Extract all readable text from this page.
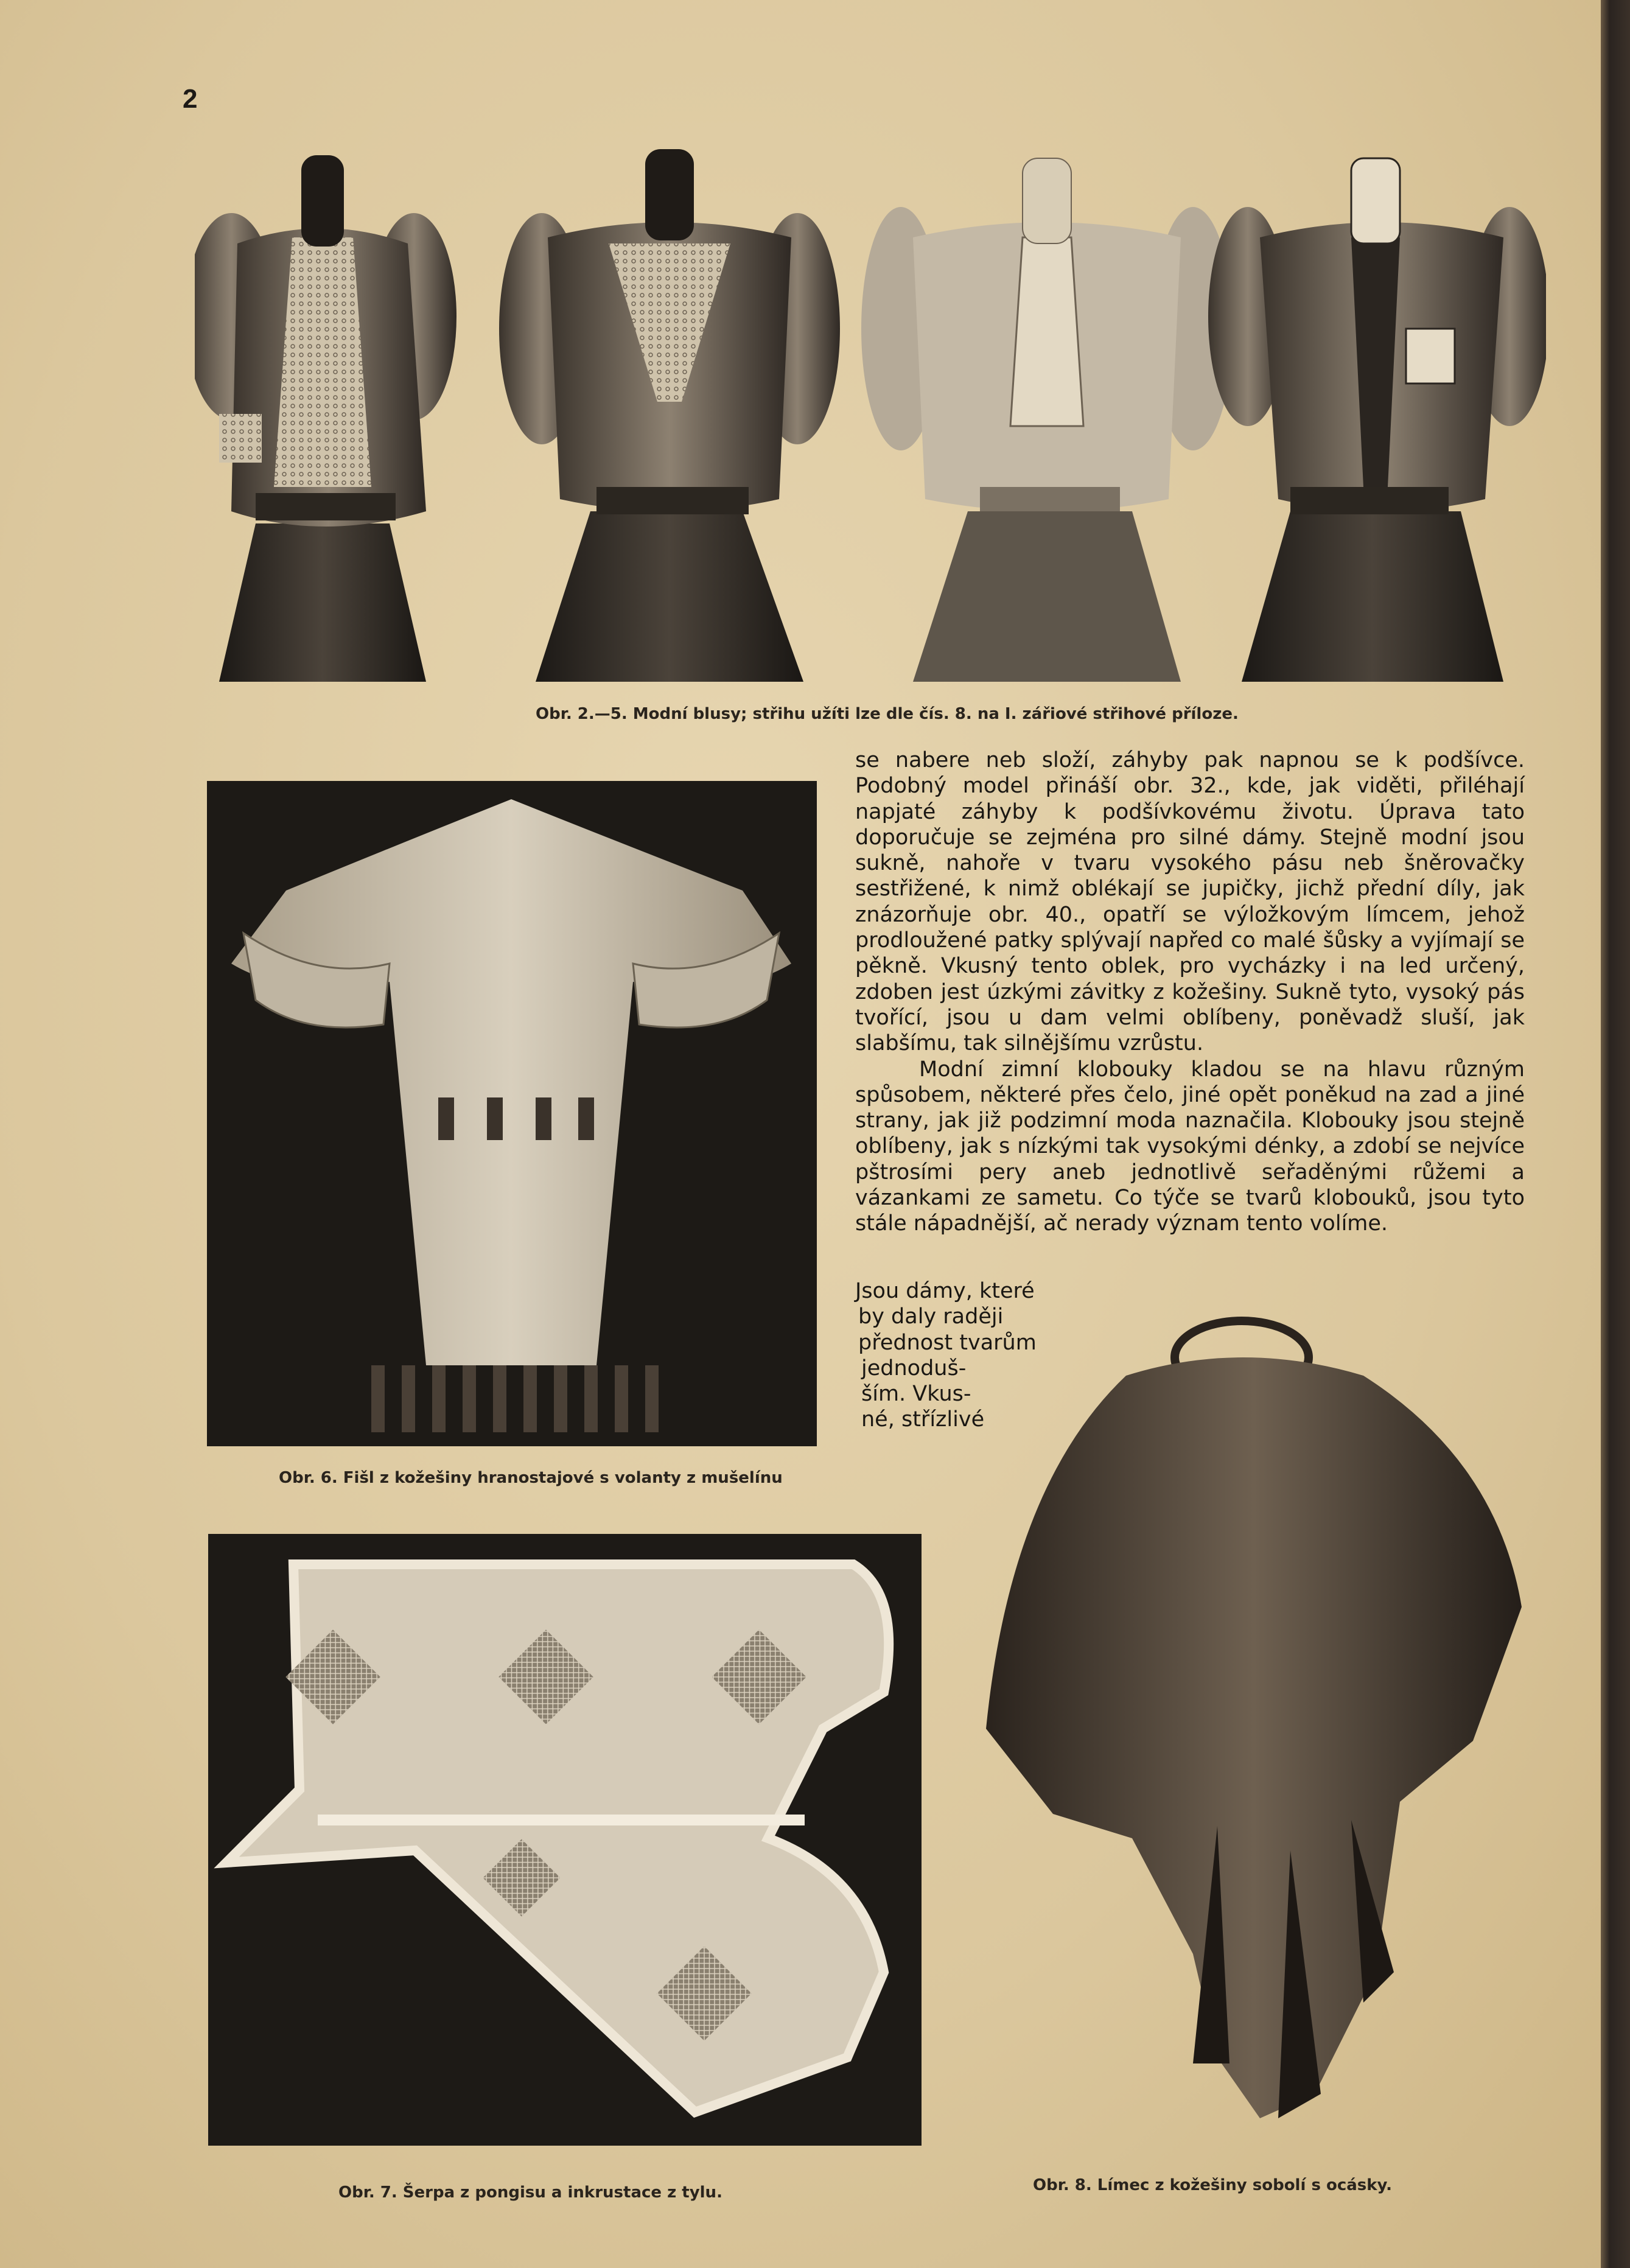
2
Obr. 2.—5. Modní blusy; střihu užíti lze dle čís. 8. na I. zářiové střihové příloze.
Obr. 6. Fišl z kožešiny hranostajové s volanty z mušelínu
Obr. 7. Šerpa z pongisu a inkrustace z tylu.	Obr. 8. Límec z kožešiny sobolí s ocásky.

se nabere neb složí, záhyby pak napnou se k podšívce. Podobný model přináší obr. 32., kde, jak viděti, přiléhají napjaté záhyby k podšívkovému životu. Úprava tato doporučuje se zejména pro silné dámy. Stejně modní jsou sukně, nahoře v tvaru vysokého pásu neb šněrovačky sestřižené, k nimž oblékají se jupičky, jichž přední díly, jak znázorňuje obr. 40., opatří se výložkovým límcem, jehož prodloužené patky splývají napřed co malé šůsky a vyjímají se pěkně. Vkusný tento oblek, pro vycházky i na led určený, zdoben jest úzkými závitky z kožešiny. Sukně tyto, vysoký pás tvořící, jsou u dam velmi oblíbeny, poněvadž sluší, jak slabšímu, tak silnějšímu vzrůstu.

Modní zimní klobouky kladou se na hlavu různým spůsobem, některé přes čelo, jiné opět poněkud na zad a jiné strany, jak již podzimní moda naznačila. Klobouky jsou stejně oblíbeny, jak s nízkými tak vysokými dénky, a zdobí se nejvíce pštrosími pery aneb jednotlivě seřaděnými růžemi a vázankami ze sametu. Co týče se tvarů klobouků, jsou tyto stále nápadnější, ač nerady význam tento volíme.

Jsou dámy, které
by daly raději
přednost tvarům
jednoduš-
ším. Vkus-
né, střízlivé
